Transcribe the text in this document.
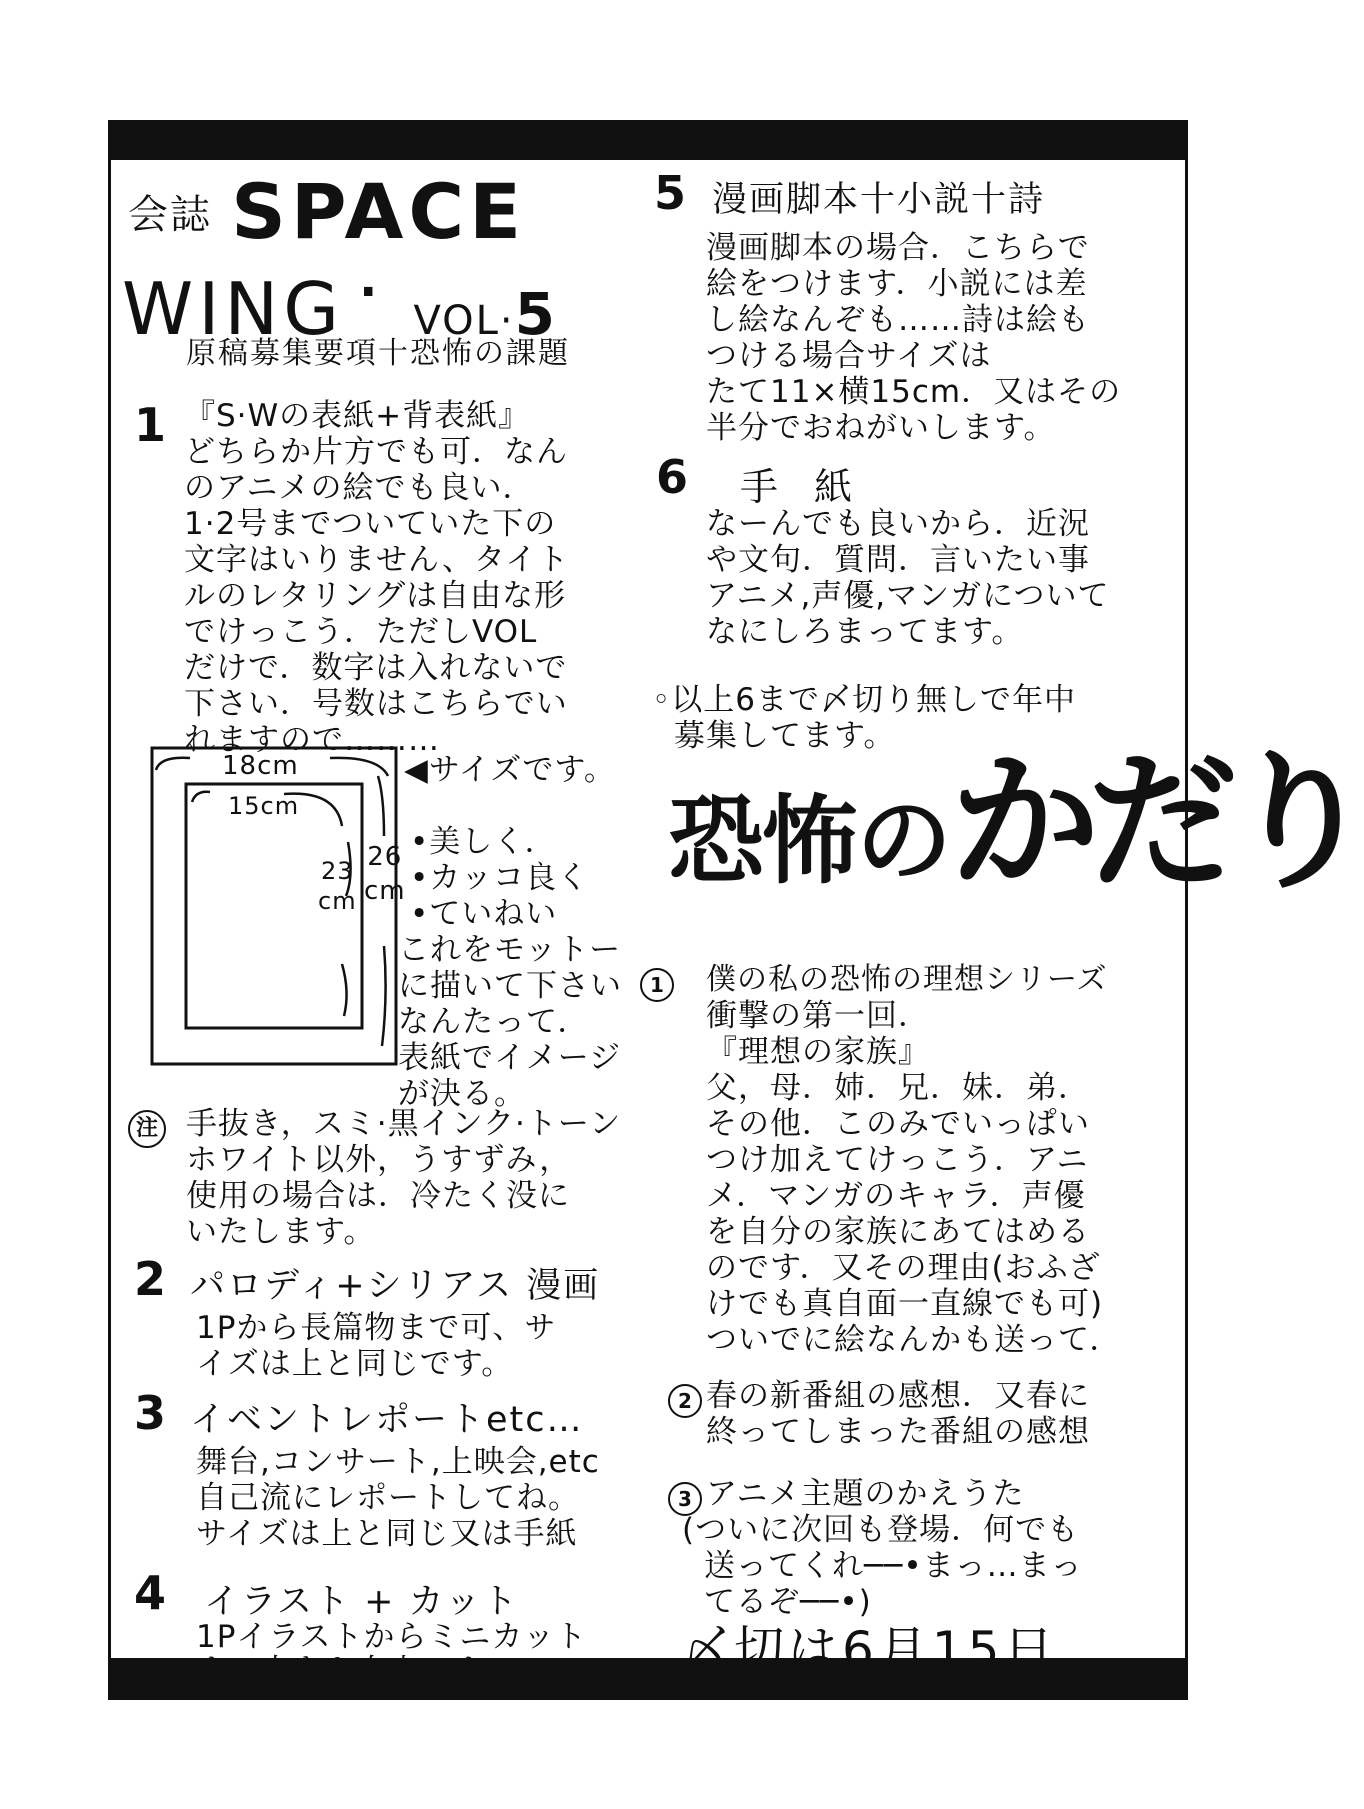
会誌 SPACE
WING · VOL·5
原稿募集要項十恐怖の課題
1 『S·Wの表紙+背表紙』
どちらか片方でも可．なん
のアニメの絵でも良い．
1·2号までついていた下の
文字はいりません、タイト
ルのレタリングは自由な形
でけっこう．ただしVOL
だけで．数字は入れないで
下さい．号数はこちらでい
れますので………
18cm
15cm
23
cm
26
cm
◀サイズです。
•美しく．
•カッコ良く
•ていねい
これをモットー
に描いて下さい
なんたって．
表紙でイメージ
が決る。
注 手抜き，スミ·黒インク·トーン
ホワイト以外，うすずみ，
使用の場合は．冷たく没に
いたします。
2 パロディ+シリアス 漫画
1Pから長篇物まで可、サ
イズは上と同じです。
3 イベントレポートetc…
舞台,コンサート,上映会,etc
自己流にレポートしてね。
サイズは上と同じ又は手紙
4 イラスト + カット
1Pイラストからミニカット
まで大きさ自由です．
5 漫画脚本十小説十詩
漫画脚本の場合．こちらで
絵をつけます．小説には差
し絵なんぞも……詩は絵も
つける場合サイズは
たて11×横15cm．又はその
半分でおねがいします。
6 手 紙
なーんでも良いから．近況
や文句．質問．言いたい事
アニメ,声優,マンガについて
なにしろまってます。
◦以上6まで〆切り無しで年中
募集してます。
恐怖のかだり
1	僕の私の恐怖の理想シリーズ
衝撃の第一回．
『理想の家族』
父，母．姉．兄．妹．弟．
その他．このみでいっぱい
つけ加えてけっこう．アニ
メ．マンガのキャラ．声優
を自分の家族にあてはめる
のです．又その理由(おふざ
けでも真自面一直線でも可)
ついでに絵なんかも送って．
2 春の新番組の感想．又春に
終ってしまった番組の感想
3 アニメ主題のかえうた
(ついに次回も登場．何でも
送ってくれ──•まっ…まっ
てるぞ──•)
〆切は6月15日
